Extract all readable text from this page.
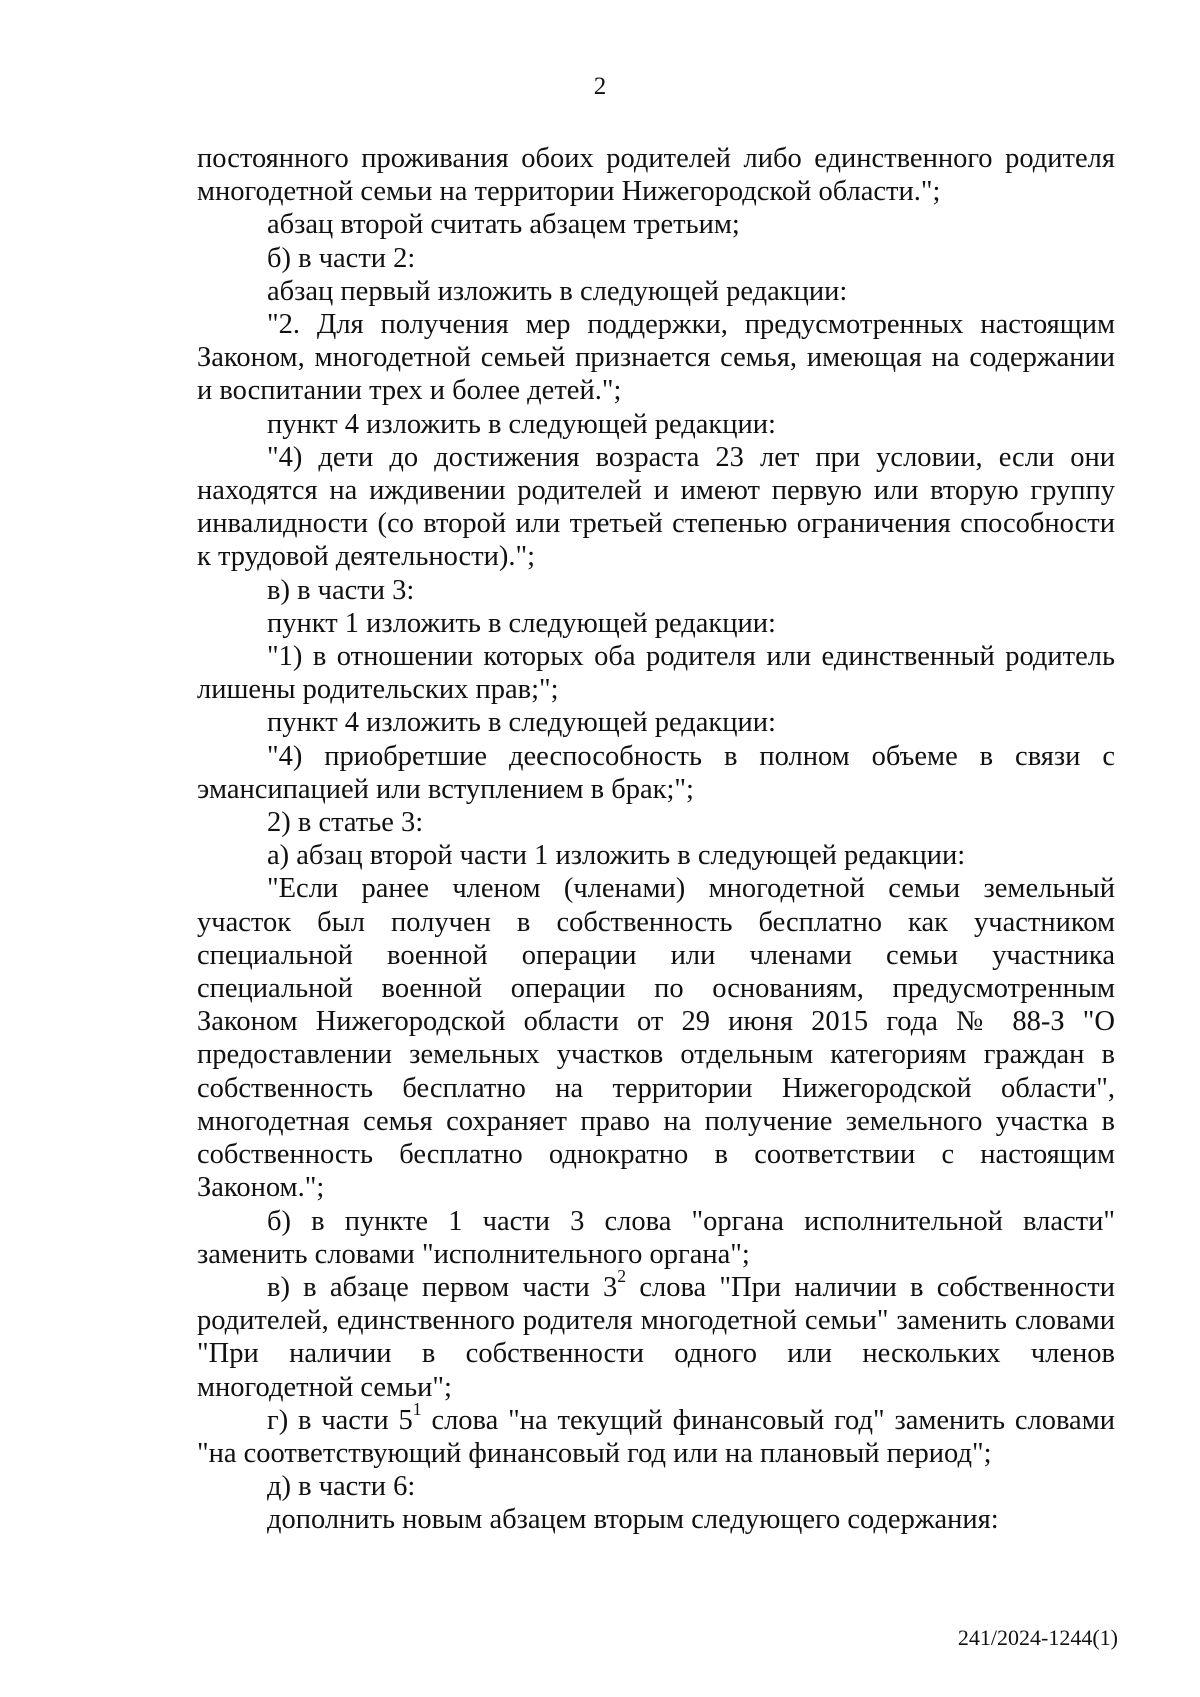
2

постоянного проживания обоих родителей либо единственного родителя многодетной семьи на территории Нижегородской области.";

абзац второй считать абзацем третьим;

б) в части 2:

абзац первый изложить в следующей редакции:

"2. Для получения мер поддержки, предусмотренных настоящим Законом, многодетной семьей признается семья, имеющая на содержании и воспитании трех и более детей.";

пункт 4 изложить в следующей редакции:

"4) дети до достижения возраста 23 лет при условии, если они находятся на иждивении родителей и имеют первую или вторую группу инвалидности (со второй или третьей степенью ограничения способности к трудовой деятельности).";

в) в части 3:

пункт 1 изложить в следующей редакции:

"1) в отношении которых оба родителя или единственный родитель лишены родительских прав;";

пункт 4 изложить в следующей редакции:

"4) приобретшие дееспособность в полном объеме в связи с эмансипацией или вступлением в брак;";

2) в статье 3:

а) абзац второй части 1 изложить в следующей редакции:

"Если ранее членом (членами) многодетной семьи земельный участок был получен в собственность бесплатно как участником специальной военной операции или членами семьи участника специальной военной операции по основаниям, предусмотренным Законом Нижегородской области от 29 июня 2015 года № 88-З "О предоставлении земельных участков отдельным категориям граждан в собственность бесплатно на территории Нижегородской области", многодетная семья сохраняет право на получение земельного участка в собственность бесплатно однократно в соответствии с настоящим Законом.";

б) в пункте 1 части 3 слова "органа исполнительной власти" заменить словами "исполнительного органа";

в) в абзаце первом части $3^2$ слова "При наличии в собственности родителей, единственного родителя многодетной семьи" заменить словами "При наличии в собственности одного или нескольких членов многодетной семьи";

г) в части $5^1$ слова "на текущий финансовый год" заменить словами "на соответствующий финансовый год или на плановый период";

д) в части 6:

дополнить новым абзацем вторым следующего содержания:

241/2024-1244(1)
